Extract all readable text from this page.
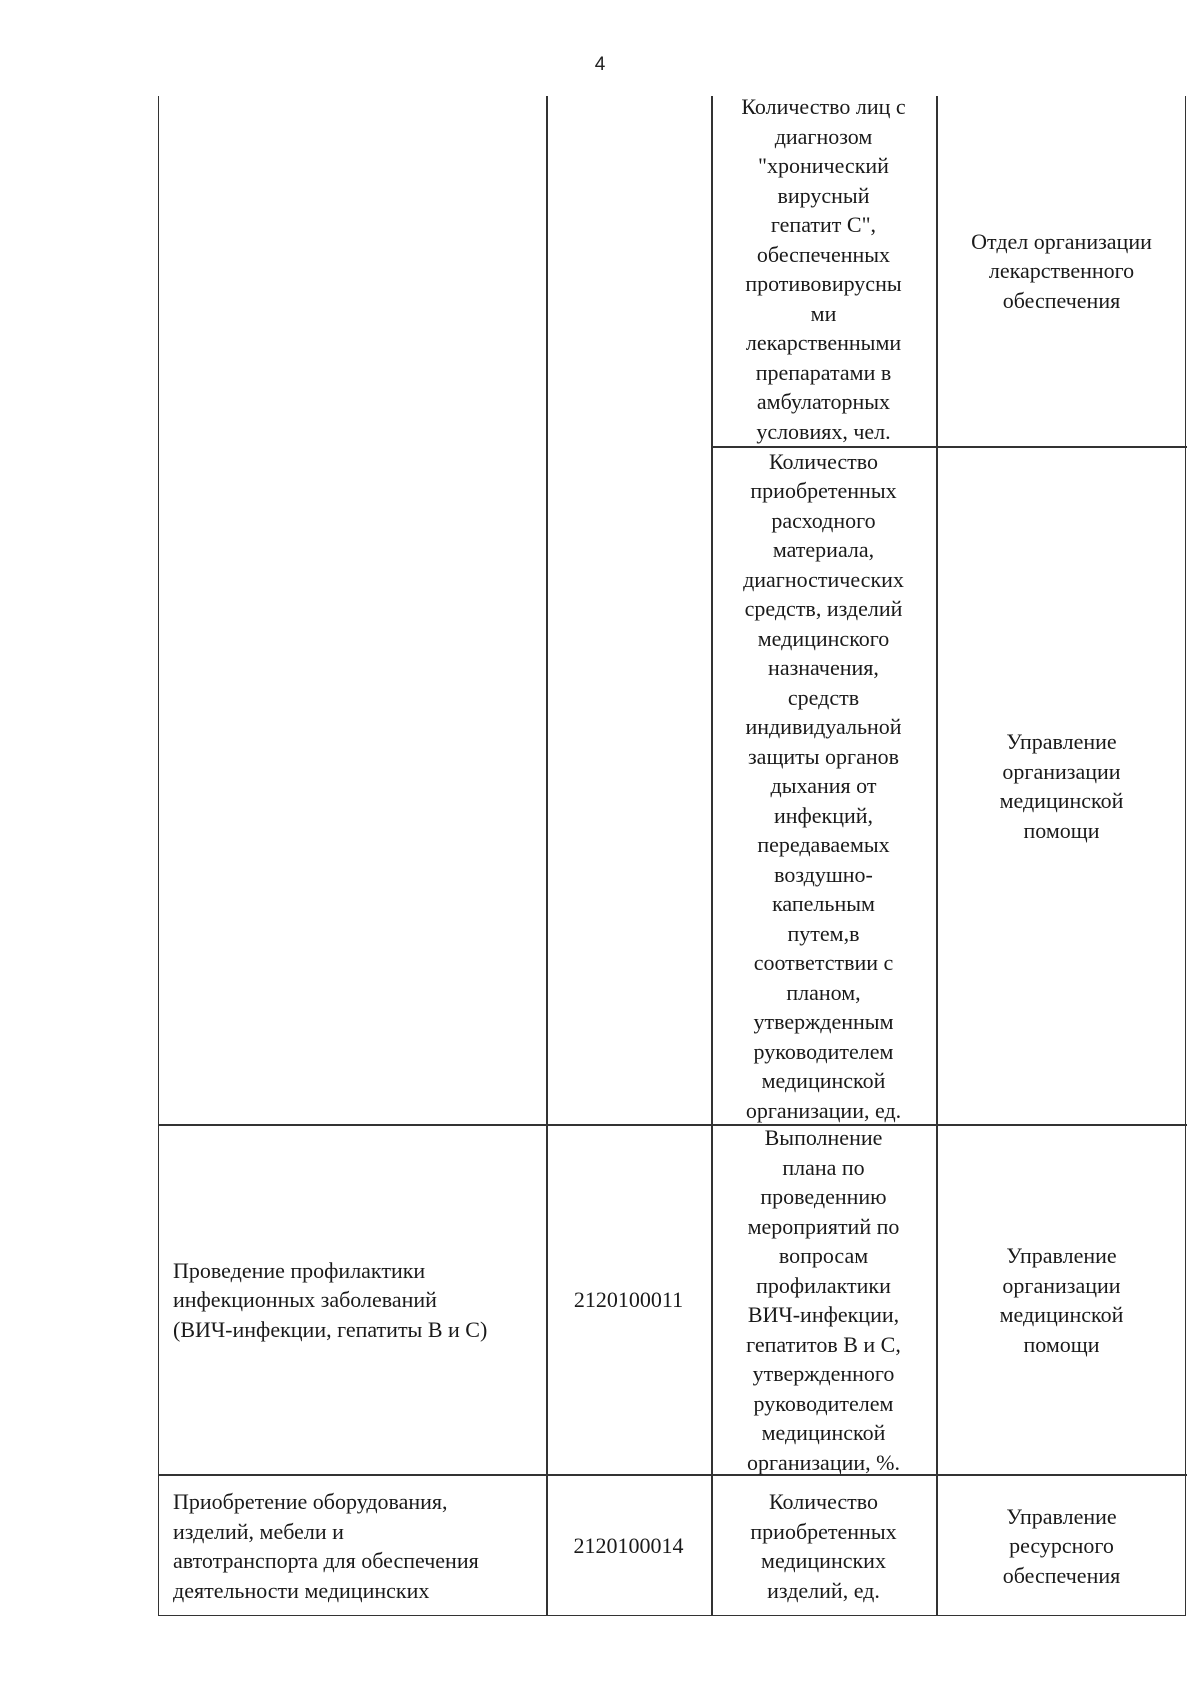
4
Количество лиц с
диагнозом
"хронический
вирусный
гепатит С",
обеспеченных
противовирусны
ми
лекарственными
препаратами в
амбулаторных
условиях, чел.
Отдел организации
лекарственного
обеспечения
Количество
приобретенных
расходного
материала,
диагностических
средств, изделий
медицинского
назначения,
средств
индивидуальной
защиты органов
дыхания от
инфекций,
передаваемых
воздушно-
капельным
путем,в
соответствии с
планом,
утвержденным
руководителем
медицинской
организации, ед.
Управление
организации
медицинской
помощи
Проведение профилактики
инфекционных заболеваний
(ВИЧ-инфекции, гепатиты В и С)
2120100011
Выполнение
плана по
проведеннию
мероприятий по
вопросам
профилактики
ВИЧ-инфекции,
гепатитов В и С,
утвержденного
руководителем
медицинской
организации, %.
Управление
организации
медицинской
помощи
Приобретение оборудования,
изделий, мебели и
автотранспорта для обеспечения
деятельности медицинских
2120100014
Количество
приобретенных
медицинских
изделий, ед.
Управление
ресурсного
обеспечения
